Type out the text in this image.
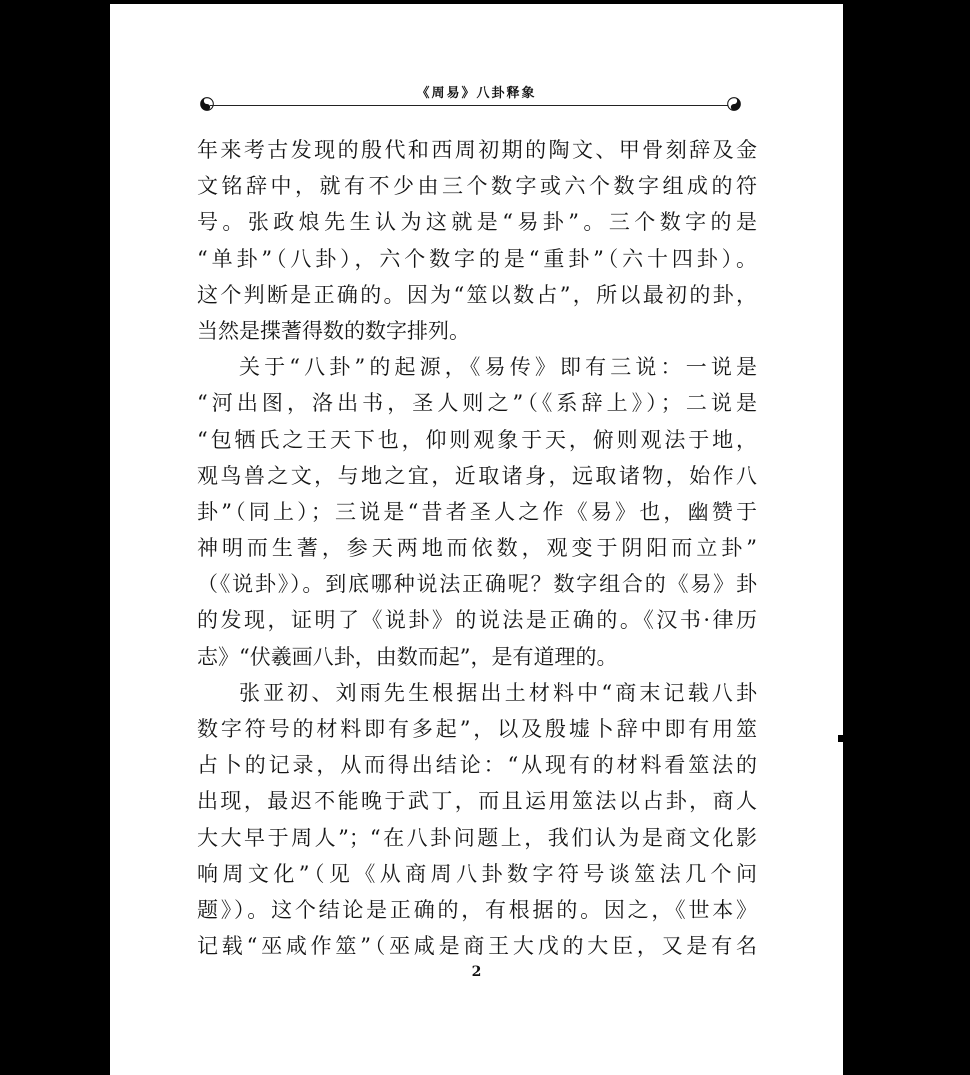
《周易》八卦释象
年来考古发现的殷代和西周初期的陶文、甲骨刻辞及金
文铭辞中，就有不少由三个数字或六个数字组成的符
号。张政烺先生认为这就是“易卦”。三个数字的是
“单卦”（八卦），六个数字的是“重卦”（六十四卦）。
这个判断是正确的。因为“筮以数占”，所以最初的卦，
当然是揲蓍得数的数字排列。
关于“八卦”的起源，《易传》即有三说：一说是
“河出图，洛出书，圣人则之”（《系辞上》）；二说是
“包牺氏之王天下也，仰则观象于天，俯则观法于地，
观鸟兽之文，与地之宜，近取诸身，远取诸物，始作八
卦”（同上）；三说是“昔者圣人之作《易》也，幽赞于
神明而生蓍，参天两地而依数，观变于阴阳而立卦”
（《说卦》）。到底哪种说法正确呢？数字组合的《易》卦
的发现，证明了《说卦》的说法是正确的。《汉书·律历
志》“伏羲画八卦，由数而起”，是有道理的。
张亚初、刘雨先生根据出土材料中“商末记载八卦
数字符号的材料即有多起”，以及殷墟卜辞中即有用筮
占卜的记录，从而得出结论：“从现有的材料看筮法的
出现，最迟不能晚于武丁，而且运用筮法以占卦，商人
大大早于周人”；“在八卦问题上，我们认为是商文化影
响周文化”（见《从商周八卦数字符号谈筮法几个问
题》）。这个结论是正确的，有根据的。因之，《世本》
记载“巫咸作筮”（巫咸是商王大戊的大臣，又是有名
2
